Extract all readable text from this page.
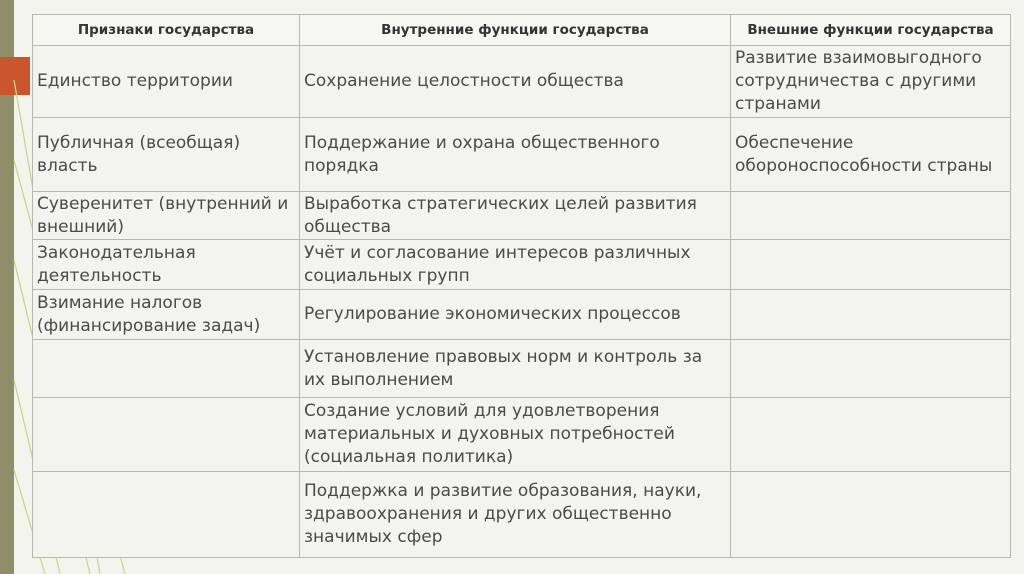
Признаки государства	Внутренние функции государства	Внешние функции государства
Единство территории	Сохранение целостности общества	Развитие взаимовыгодного сотрудничества с другими странами
Публичная (всеобщая) власть	Поддержание и охрана общественного порядка	Обеспечение обороноспособности страны
Суверенитет (внутренний и внешний)	Выработка стратегических целей развития общества	
Законодательная деятельность	Учёт и согласование интересов различных социальных групп	
Взимание налогов (финансирование задач)	Регулирование экономических процессов	
	Установление правовых норм и контроль за их выполнением	
	Создание условий для удовлетворения материальных и духовных потребностей (социальная политика)	
	Поддержка и развитие образования, науки, здравоохранения и других общественно значимых сфер	
